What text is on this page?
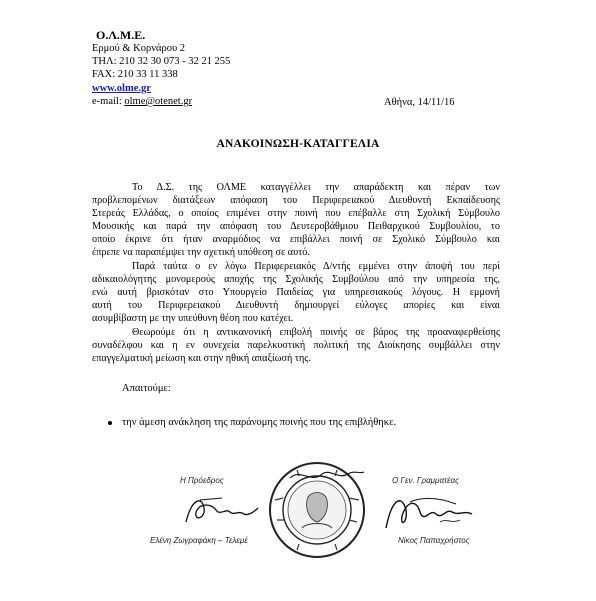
Ο.Λ.Μ.Ε.
Ερμού & Κορνάρου 2
ΤΗΛ: 210 32 30 073 - 32 21 255
FAX: 210 33 11 338
www.olme.gr
e-mail: olme@otenet.gr	Αθήνα, 14/11/16
ΑΝΑΚΟΙΝΩΣΗ-ΚΑΤΑΓΓΕΛΙΑ
Το Δ.Σ. της ΟΛΜΕ καταγγέλλει την απαράδεκτη και πέραν των
προβλεπομένων διατάξεων απόφαση του Περιφερειακού Διευθυντή Εκπαίδευσης
Στερεάς Ελλάδας, ο οποίος επιμένει στην ποινή που επέβαλλε στη Σχολική Σύμβουλο
Μουσικής και παρά την απόφαση του Δευτεροβάθμιου Πειθαρχικού Συμβουλίου, το
οποίο έκρινε ότι ήταν αναρμόδιος να επιβάλλει ποινή σε Σχολικό Σύμβουλο και
έπρεπε να παραπέμψει την σχετική υπόθεση σε αυτό.
Παρά ταύτα ο εν λόγω Περιφερειακός Δ/ντής εμμένει στην άποψή του περί
αδικαιολόγητης μονομερούς αποχής της Σχολικής Συμβούλου από την υπηρεσία της,
ενώ αυτή βρισκόταν στο Υπουργείο Παιδείας για υπηρεσιακούς λόγους. Η εμμονή
αυτή του Περιφερειακού Διευθυντή δημιουργεί εύλογες απορίες και είναι
ασυμβίβαστη με την υπεύθυνη θέση που κατέχει.
Θεωρούμε ότι η αντικανονική επιβολή ποινής σε βάρος της προαναφερθείσης
συναδέλφου και η εν συνεχεία παρελκυστική πολιτική της Διοίκησης συμβάλλει στην
επαγγελματική μείωση και στην ηθική απαξίωσή της.
Απαιτούμε:
την άμεση ανάκληση της παράνομης ποινής που της επιβλήθηκε.
Η Πρόεδρος
Ελένη Ζωγραφάκη – Τελεμέ
Ο Γεν. Γραμματέας
Νίκος Παπαχρήστος
